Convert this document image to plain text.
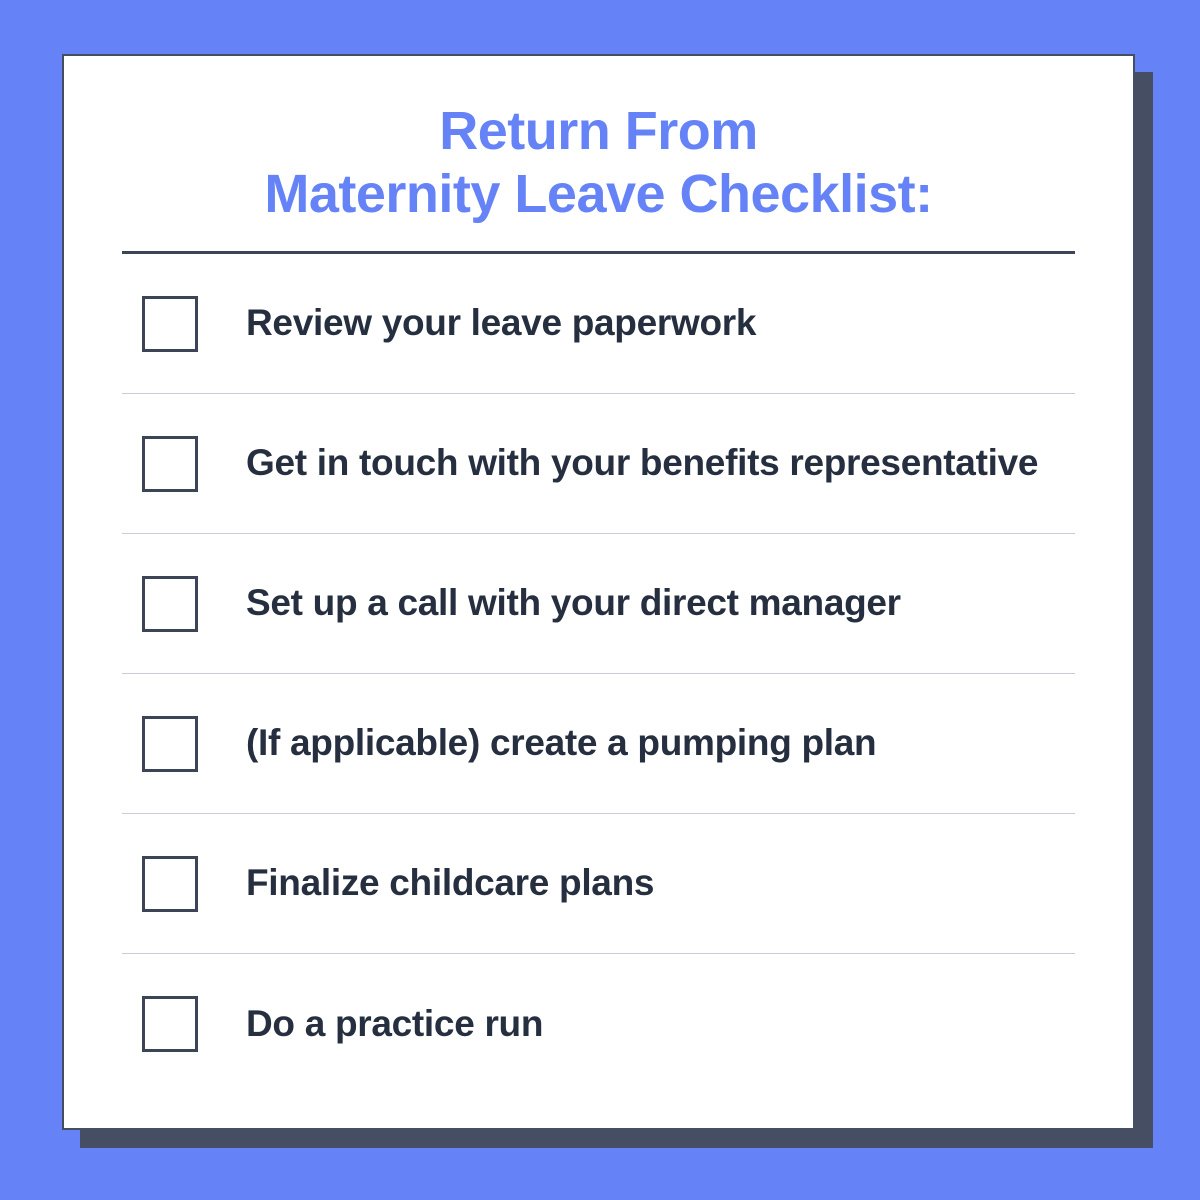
Return From
Maternity Leave Checklist:
Review your leave paperwork
Get in touch with your benefits representative
Set up a call with your direct manager
(If applicable) create a pumping plan
Finalize childcare plans
Do a practice run
